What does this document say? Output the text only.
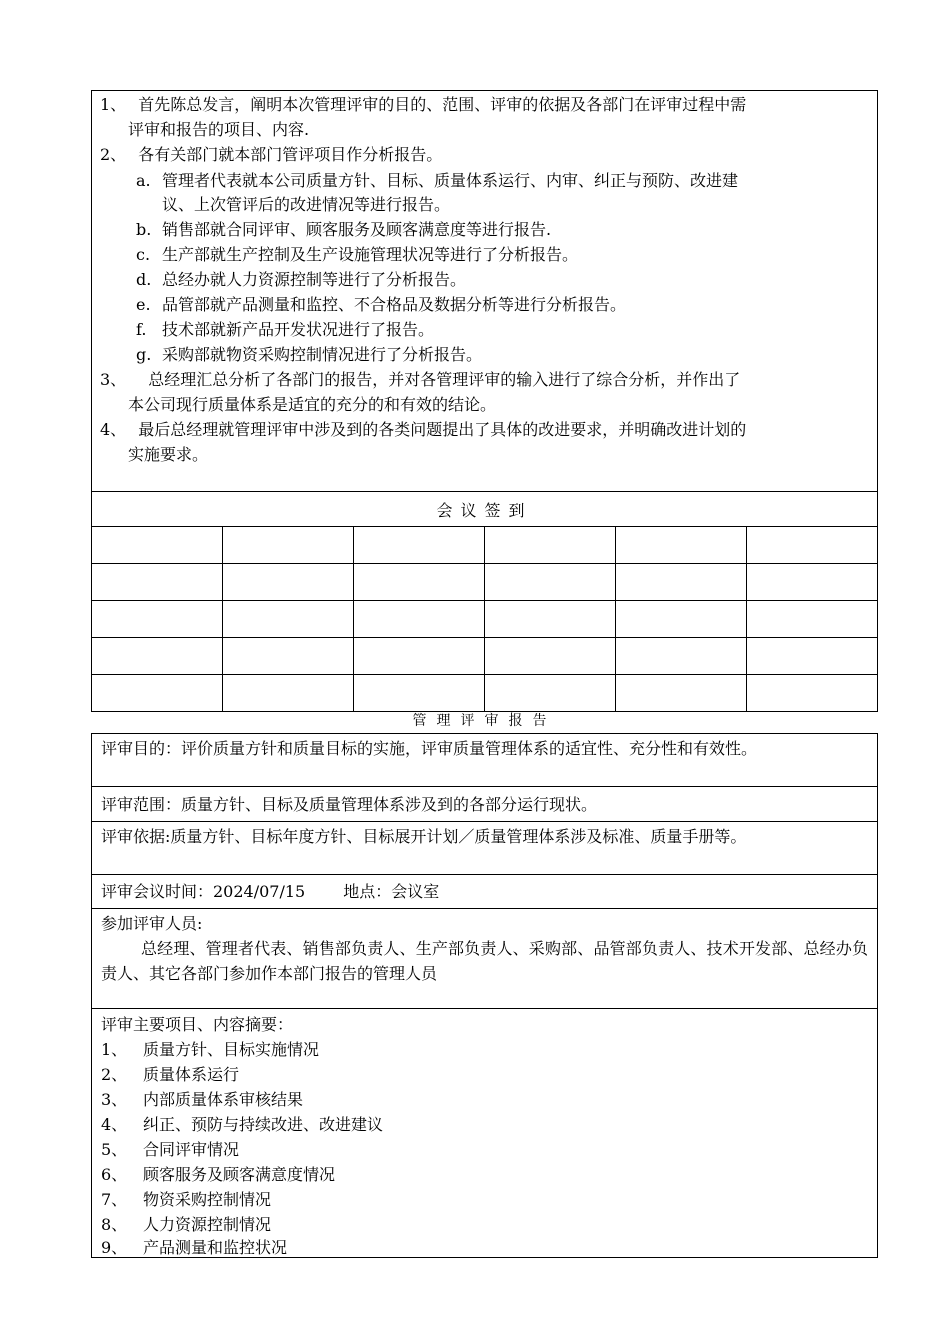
1、 首先陈总发言，阐明本次管理评审的目的、范围、评审的依据及各部门在评审过程中需
评审和报告的项目、内容.
2、 各有关部门就本部门管评项目作分析报告。
a. 管理者代表就本公司质量方针、目标、质量体系运行、内审、纠正与预防、改进建
议、上次管评后的改进情况等进行报告。
b. 销售部就合同评审、顾客服务及顾客满意度等进行报告.
c. 生产部就生产控制及生产设施管理状况等进行了分析报告。
d. 总经办就人力资源控制等进行了分析报告。
e. 品管部就产品测量和监控、不合格品及数据分析等进行分析报告。
f. 技术部就新产品开发状况进行了报告。
g. 采购部就物资采购控制情况进行了分析报告。
3、 总经理汇总分析了各部门的报告，并对各管理评审的输入进行了综合分析，并作出了
本公司现行质量体系是适宜的充分的和有效的结论。
4、 最后总经理就管理评审中涉及到的各类问题提出了具体的改进要求，并明确改进计划的
实施要求。
会议签到					

管理评审报告
评审目的：评价质量方针和质量目标的实施，评审质量管理体系的适宜性、充分性和有效性。
评审范围：质量方针、目标及质量管理体系涉及到的各部分运行现状。
评审依据:质量方针、目标年度方针、目标展开计划／质量管理体系涉及标准、质量手册等。
评审会议时间：2024/07/15 地点：会议室
参加评审人员:
总经理、管理者代表、销售部负责人、生产部负责人、采购部、品管部负责人、技术开发部、总经办负责人、其它各部门参加作本部门报告的管理人员
评审主要项目、内容摘要：
1、 质量方针、目标实施情况
2、 质量体系运行
3、 内部质量体系审核结果
4、 纠正、预防与持续改进、改进建议
5、 合同评审情况
6、 顾客服务及顾客满意度情况
7、 物资采购控制情况
8、 人力资源控制情况
9、 产品测量和监控状况
